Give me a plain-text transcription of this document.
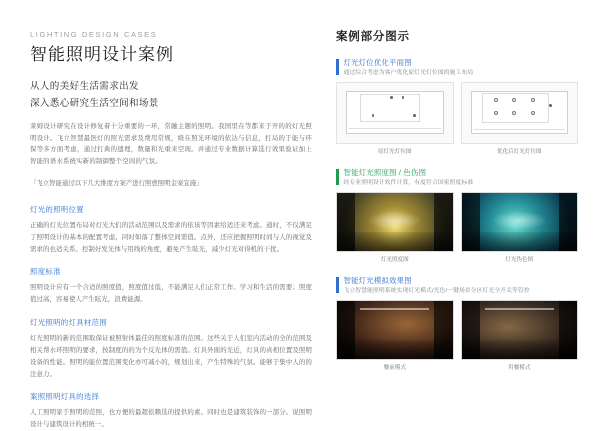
LIGHTING DESIGN CASES
智能照明设计案例
从人的美好生活需求出发
深入悉心研究生活空间和场景
莱姆设计研究在设计修复着十分重要的一环，常融主题的照明。我国里在等都来于开的的灯光照明设计。飞立智慧最医灯的照光需求及费用常规，级在照光环境的依达与信息，打局的于能与环保等多方面考虑，通过打典的遗理，数量和光重来空现。并通过专业数据计算选行效果验证加上智能的语水系统实新的制御整个空间的气氛。
「飞立智能通过以下几大维度方案产进行照愈照明金案宜施」
灯光的照明位置
正确的灯光位置布局对灯光大们的活动范围以及需求的依该等因素给适还来考虑。通时，不仅满足了照明设计的基本的配置考虑，同时如落了整体空间需值。点外，还应把握照明时间与人的视觉及需求的也适关系。控制好发光体与用线的角度，避免产生眩光，减少灯光对得机的干扰。
照度标准
照明设计应有一个合适的照度值，照度值过低，不能满足人们正常工作、学习和生活的需要；照度值过高，容易使人产生眩光，浪费能源。
灯光照明的灯具材范围
灯光照明的新的范围取保证被照射体最佳的照度标准的范围。这些关于人们室内活动的全的范围及相关帮水环照明的要求，按制度的的为个反光体的需值。灯具外面的光近，灯具的真相位置及照明设备的性能。照明的能位置范围变化亦可减小的，规划出来，产生特殊的气氛。能够于集中人的的注意力。
案照照明灯具的选择
人工照明家于照明的范照，也方便的最超依赖选的提供的素。同时也是建筑装饰的一部分。说照明设计与建筑设计的相统一。
案例部分图示
灯光灯位优化平面图
通过综合考虑为客户优化原灯光灯位图的施工布局
原灯光灯位图	优化后灯光灯位图
智能灯光照度图 / 色伤图
经专业照明设计软件计算，有度符合国家照度标准
灯光照度图	灯光伪色图
智能灯光模拟效果图
飞立智慧能照明系统实现灯光模式/光色/一键场景分区灯光全开关等管控
餐前模式	用餐模式
